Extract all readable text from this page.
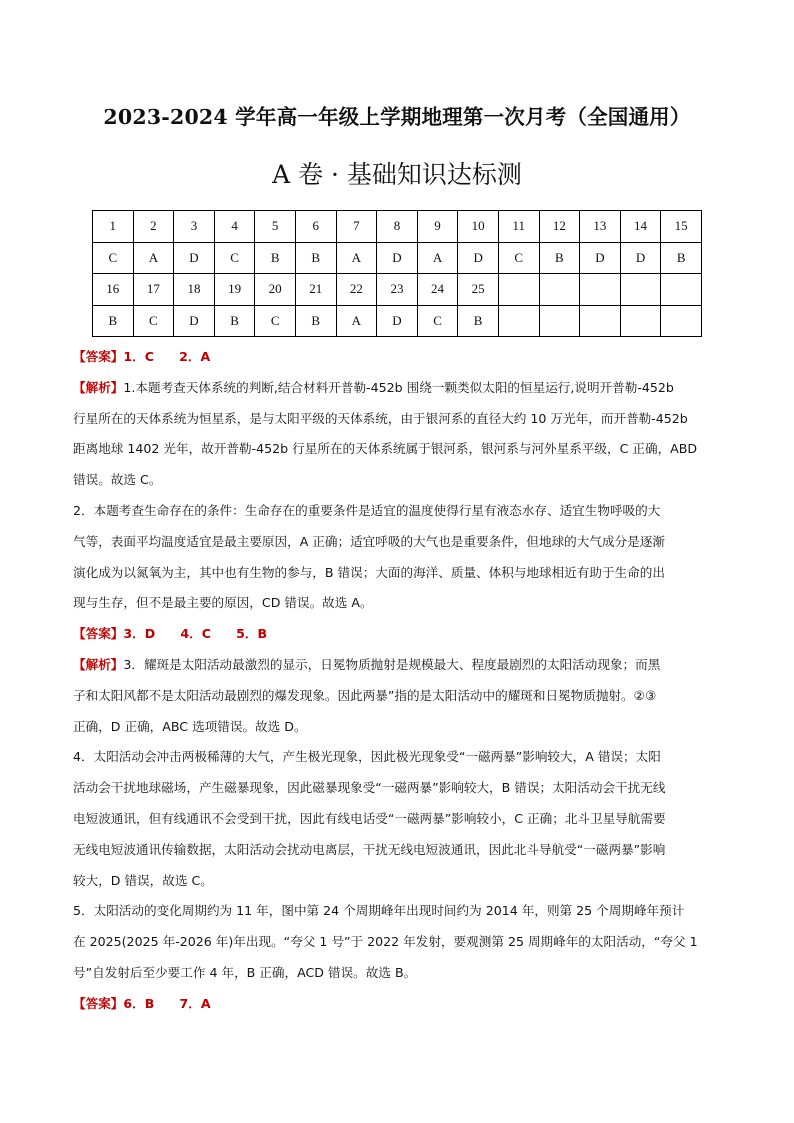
2023-2024 学年高一年级上学期地理第一次月考（全国通用）
A 卷 · 基础知识达标测
1	2	3	4	5	6	7	8	9	10	11	12	13	14	15
C	A	D	C	B	B	A	D	A	D	C	B	D	D	B
16	17	18	19	20	21	22	23	24	25					
B	C	D	B	C	B	A	D	C	B					

【答案】1．C　　2．A

【解析】1.本题考查天体系统的判断,结合材料开普勒-452b 围绕一颗类似太阳的恒星运行,说明开普勒-452b

行星所在的天体系统为恒星系，是与太阳平级的天体系统，由于银河系的直径大约 10 万光年，而开普勒-452b

距离地球 1402 光年，故开普勒-452b 行星所在的天体系统属于银河系，银河系与河外星系平级，C 正确，ABD

错误。故选 C。

2．本题考查生命存在的条件：生命存在的重要条件是适宜的温度使得行星有液态水存、适宜生物呼吸的大

气等，表面平均温度适宜是最主要原因，A 正确；适宜呼吸的大气也是重要条件，但地球的大气成分是逐渐

演化成为以氮氧为主，其中也有生物的参与，B 错误；大面的海洋、质量、体积与地球相近有助于生命的出

现与生存，但不是最主要的原因，CD 错误。故选 A。

【答案】3．D　　4．C　　5．B

【解析】3．耀斑是太阳活动最激烈的显示，日冕物质抛射是规模最大、程度最剧烈的太阳活动现象；而黑

子和太阳风都不是太阳活动最剧烈的爆发现象。因此两暴”指的是太阳活动中的耀斑和日冕物质抛射。②③

正确，D 正确，ABC 选项错误。故选 D。

4．太阳活动会冲击两极稀薄的大气，产生极光现象，因此极光现象受“一磁两暴”影响较大，A 错误；太阳

活动会干扰地球磁场，产生磁暴现象，因此磁暴现象受“一磁两暴”影响较大，B 错误；太阳活动会干扰无线

电短波通讯，但有线通讯不会受到干扰，因此有线电话受“一磁两暴”影响较小，C 正确；北斗卫星导航需要

无线电短波通讯传输数据，太阳活动会扰动电离层，干扰无线电短波通讯，因此北斗导航受“一磁两暴”影响

较大，D 错误，故选 C。

5．太阳活动的变化周期约为 11 年，图中第 24 个周期峰年出现时间约为 2014 年，则第 25 个周期峰年预计

在 2025(2025 年-2026 年)年出现。“夸父 1 号”于 2022 年发射，要观测第 25 周期峰年的太阳活动，“夸父 1

号”自发射后至少要工作 4 年，B 正确，ACD 错误。故选 B。

【答案】6．B　　7．A
